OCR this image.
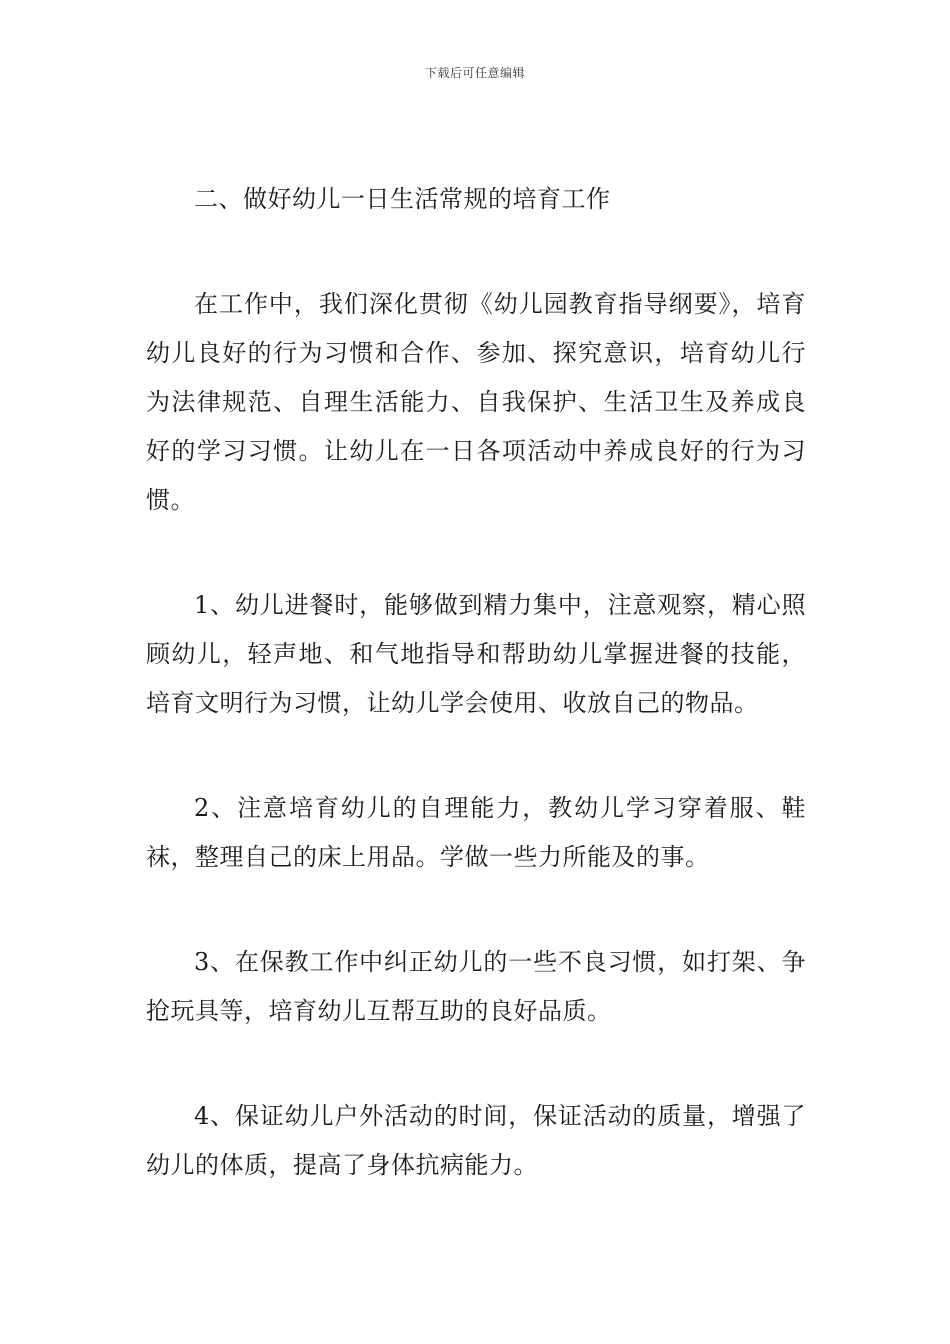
下载后可任意编辑

二、做好幼儿一日生活常规的培育工作

在工作中，我们深化贯彻《幼儿园教育指导纲要》，培育幼儿良好的行为习惯和合作、参加、探究意识，培育幼儿行为法律规范、自理生活能力、自我保护、生活卫生及养成良好的学习习惯。让幼儿在一日各项活动中养成良好的行为习惯。

1、幼儿进餐时，能够做到精力集中，注意观察，精心照顾幼儿，轻声地、和气地指导和帮助幼儿掌握进餐的技能，培育文明行为习惯，让幼儿学会使用、收放自己的物品。

2、注意培育幼儿的自理能力，教幼儿学习穿着服、鞋袜，整理自己的床上用品。学做一些力所能及的事。

3、在保教工作中纠正幼儿的一些不良习惯，如打架、争抢玩具等，培育幼儿互帮互助的良好品质。

4、保证幼儿户外活动的时间，保证活动的质量，增强了幼儿的体质，提高了身体抗病能力。
